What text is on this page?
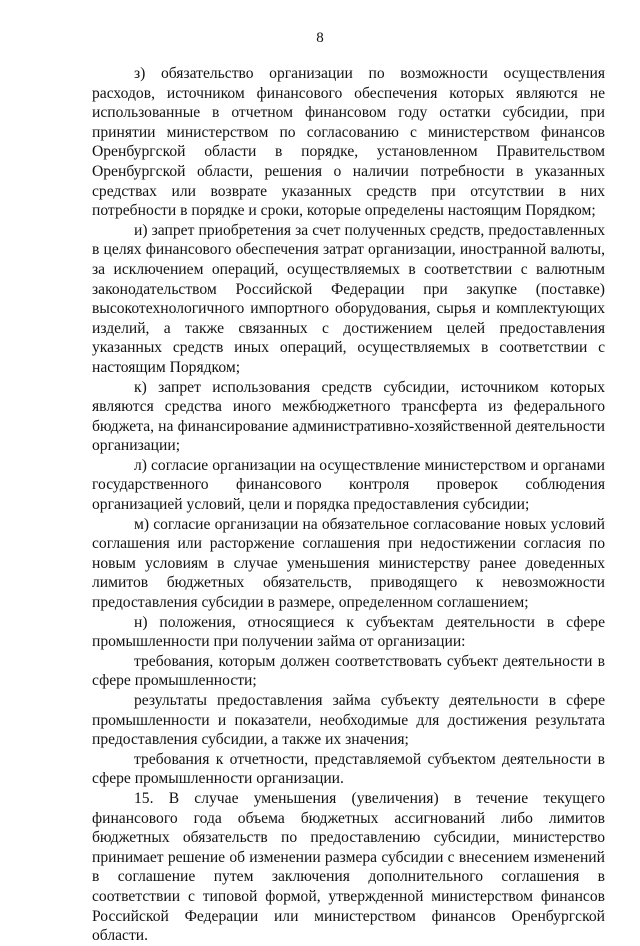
8

з) обязательство организации по возможности осуществления расходов, источником финансового обеспечения которых являются не использованные в отчетном финансовом году остатки субсидии, при принятии министерством по согласованию с министерством финансов Оренбургской области в порядке, установленном Правительством Оренбургской области, решения о наличии потребности в указанных средствах или возврате указанных средств при отсутствии в них потребности в порядке и сроки, которые определены настоящим Порядком;

и) запрет приобретения за счет полученных средств, предоставленных в целях финансового обеспечения затрат организации, иностранной валюты, за исключением операций, осуществляемых в соответствии с валютным законодательством Российской Федерации при закупке (поставке) высокотехнологичного импортного оборудования, сырья и комплектующих изделий, а также связанных с достижением целей предоставления указанных средств иных операций, осуществляемых в соответствии с настоящим Порядком;

к) запрет использования средств субсидии, источником которых являются средства иного межбюджетного трансферта из федерального бюджета, на финансирование административно-хозяйственной деятельности организации;

л) согласие организации на осуществление министерством и органами государственного финансового контроля проверок соблюдения организацией условий, цели и порядка предоставления субсидии;

м) согласие организации на обязательное согласование новых условий соглашения или расторжение соглашения при недостижении согласия по новым условиям в случае уменьшения министерству ранее доведенных лимитов бюджетных обязательств, приводящего к невозможности предоставления субсидии в размере, определенном соглашением;

н) положения, относящиеся к субъектам деятельности в сфере промышленности при получении займа от организации:

требования, которым должен соответствовать субъект деятельности в сфере промышленности;

результаты предоставления займа субъекту деятельности в сфере промышленности и показатели, необходимые для достижения результата предоставления субсидии, а также их значения;

требования к отчетности, представляемой субъектом деятельности в сфере промышленности организации.

15. В случае уменьшения (увеличения) в течение текущего финансового года объема бюджетных ассигнований либо лимитов бюджетных обязательств по предоставлению субсидии, министерство принимает решение об изменении размера субсидии с внесением изменений в соглашение путем заключения дополнительного соглашения в соответствии с типовой формой, утвержденной министерством финансов Российской Федерации или министерством финансов Оренбургской области.
